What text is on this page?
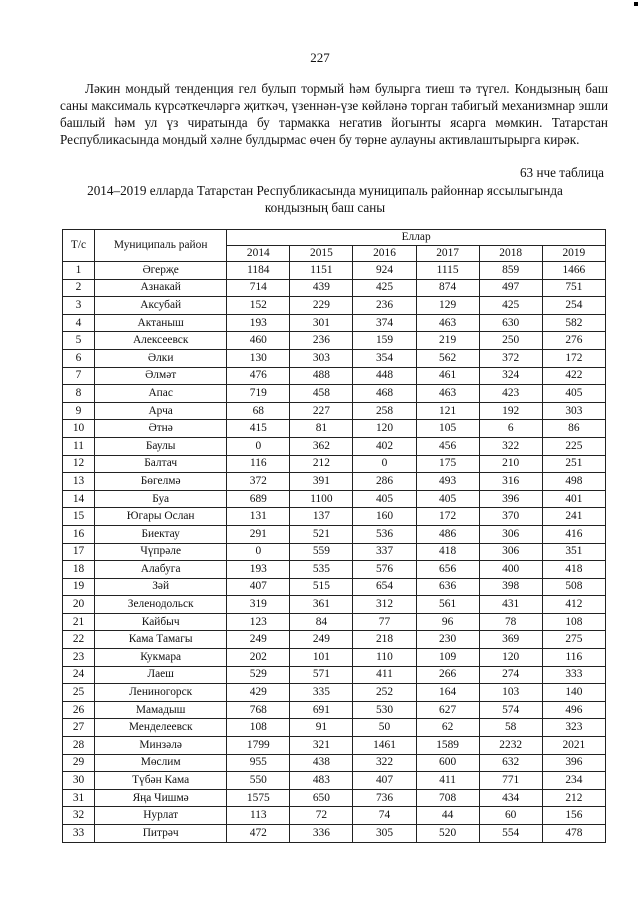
227

Ләкин мондый тенденция гел булып тормый һәм булырга тиеш тә түгел. Кондызның баш саны максималь күрсәткечләргә җиткәч, үзеннән-үзе көйләнә торган табигый механизмнар эшли башлый һәм ул үз чиратында бу тармакка негатив йогынты ясарга мөмкин. Татарстан Республикасында мондый хәлне булдырмас өчен бу төрне аулауны активлаштырырга кирәк.

63 нче таблица
2014–2019 елларда Татарстан Республикасында муниципаль районнар яссылыгында
кондызның баш саны
Т/с	Муниципаль район	Еллар					
		2014	2015	2016	2017	2018	2019
1	Әгерҗе	1184	1151	924	1115	859	1466
2	Азнакай	714	439	425	874	497	751
3	Аксубай	152	229	236	129	425	254
4	Актаныш	193	301	374	463	630	582
5	Алексеевск	460	236	159	219	250	276
6	Әлки	130	303	354	562	372	172
7	Әлмәт	476	488	448	461	324	422
8	Апас	719	458	468	463	423	405
9	Арча	68	227	258	121	192	303
10	Әтнә	415	81	120	105	6	86
11	Баулы	0	362	402	456	322	225
12	Балтач	116	212	0	175	210	251
13	Бөгелмә	372	391	286	493	316	498
14	Буа	689	1100	405	405	396	401
15	Югары Ослан	131	137	160	172	370	241
16	Биектау	291	521	536	486	306	416
17	Чүпрәле	0	559	337	418	306	351
18	Алабуга	193	535	576	656	400	418
19	Зәй	407	515	654	636	398	508
20	Зеленодольск	319	361	312	561	431	412
21	Кайбыч	123	84	77	96	78	108
22	Кама Тамагы	249	249	218	230	369	275
23	Кукмара	202	101	110	109	120	116
24	Лаеш	529	571	411	266	274	333
25	Лениногорск	429	335	252	164	103	140
26	Мамадыш	768	691	530	627	574	496
27	Менделеевск	108	91	50	62	58	323
28	Минзәлә	1799	321	1461	1589	2232	2021
29	Мөслим	955	438	322	600	632	396
30	Түбән Кама	550	483	407	411	771	234
31	Яңа Чишмә	1575	650	736	708	434	212
32	Нурлат	113	72	74	44	60	156
33	Питрәч	472	336	305	520	554	478
